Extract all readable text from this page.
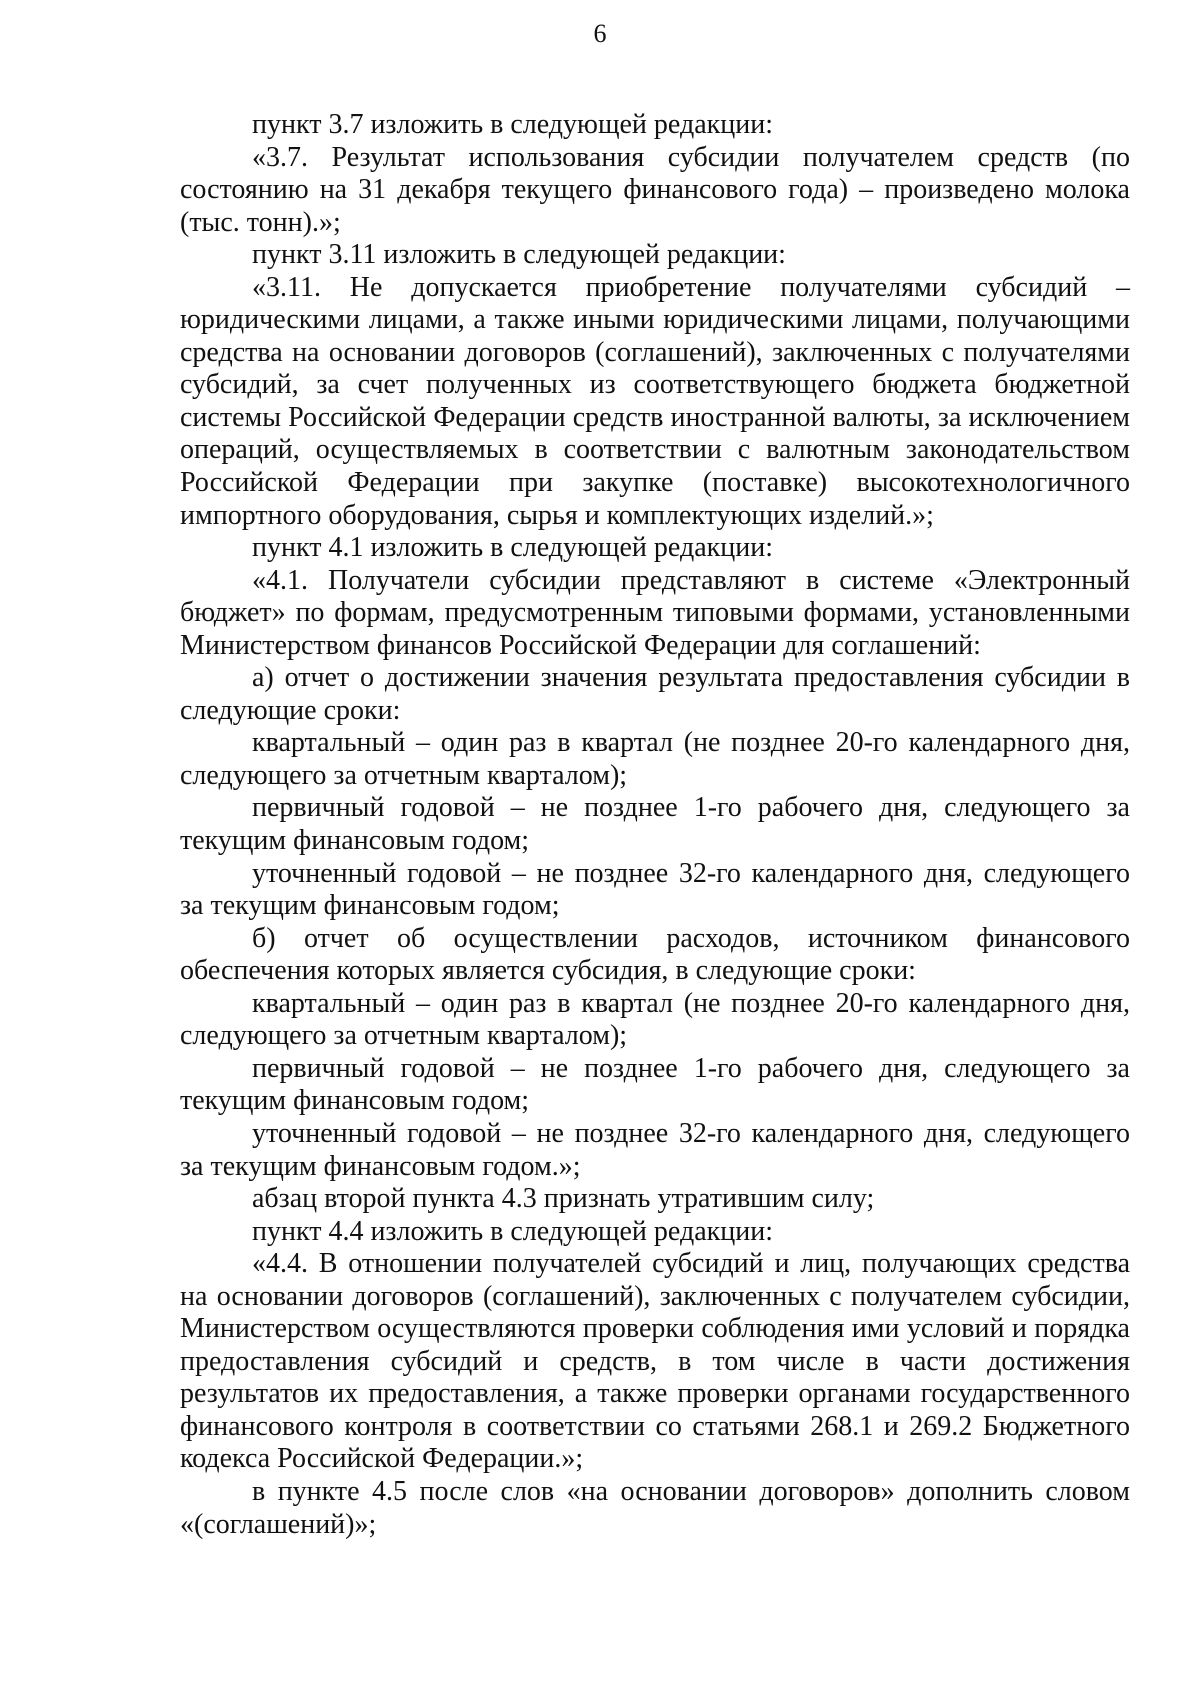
6

пункт 3.7 изложить в следующей редакции:

«3.7. Результат использования субсидии получателем средств (по состоянию на 31 декабря текущего финансового года) – произведено молока (тыс. тонн).»;

пункт 3.11 изложить в следующей редакции:

«3.11. Не допускается приобретение получателями субсидий – юридическими лицами, а также иными юридическими лицами, получающими средства на основании договоров (соглашений), заключенных с получателями субсидий, за счет полученных из соответствующего бюджета бюджетной системы Российской Федерации средств иностранной валюты, за исключением операций, осуществляемых в соответствии с валютным законодательством Российской Федерации при закупке (поставке) высокотехнологичного импортного оборудования, сырья и комплектующих изделий.»;

пункт 4.1 изложить в следующей редакции:

«4.1. Получатели субсидии представляют в системе «Электронный бюджет» по формам, предусмотренным типовыми формами, установленными Министерством финансов Российской Федерации для соглашений:

а) отчет о достижении значения результата предоставления субсидии в следующие сроки:

квартальный – один раз в квартал (не позднее 20-го календарного дня, следующего за отчетным кварталом);

первичный годовой – не позднее 1-го рабочего дня, следующего за текущим финансовым годом;

уточненный годовой – не позднее 32-го календарного дня, следующего за текущим финансовым годом;

б) отчет об осуществлении расходов, источником финансового обеспечения которых является субсидия, в следующие сроки:

квартальный – один раз в квартал (не позднее 20-го календарного дня, следующего за отчетным кварталом);

первичный годовой – не позднее 1-го рабочего дня, следующего за текущим финансовым годом;

уточненный годовой – не позднее 32-го календарного дня, следующего за текущим финансовым годом.»;

абзац второй пункта 4.3 признать утратившим силу;

пункт 4.4 изложить в следующей редакции:

«4.4. В отношении получателей субсидий и лиц, получающих средства на основании договоров (соглашений), заключенных с получателем субсидии, Министерством осуществляются проверки соблюдения ими условий и порядка предоставления субсидий и средств, в том числе в части достижения результатов их предоставления, а также проверки органами государственного финансового контроля в соответствии со статьями 268.1 и 269.2 Бюджетного кодекса Российской Федерации.»;

в пункте 4.5 после слов «на основании договоров» дополнить словом «(соглашений)»;
